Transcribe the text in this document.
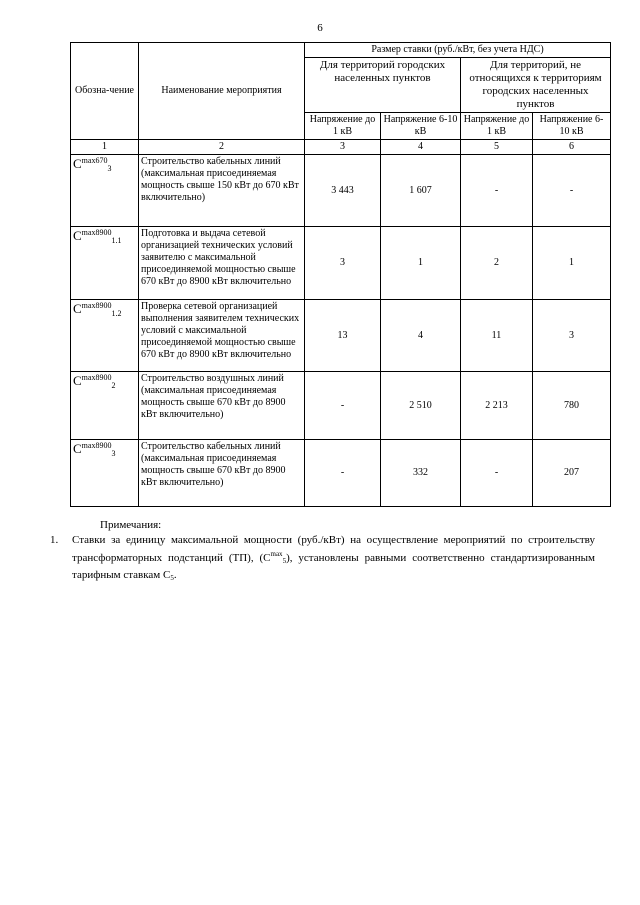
6
Обозна-чение	Наименование мероприятия	Размер ставки (руб./кВт, без учета НДС)			
		Для территорий городских населенных пунктов		Для территорий, не относящихся к территориям городских населенных пунктов	
		Напряжение до 1 кВ	Напряжение 6-10 кВ	Напряжение до 1 кВ	Напряжение 6-10 кВ
1	2	3	4	5	6
$C^{max670}_3$	Строительство кабельных линий (максимальная присоединяемая мощность свыше 150 кВт до 670 кВт включительно)	3 443	1 607	-	-
$C^{max8900}_{1.1}$	Подготовка и выдача сетевой организацией технических условий заявителю с максимальной присоединяемой мощностью свыше 670 кВт до 8900 кВт включительно	3	1	2	1
$C^{max8900}_{1.2}$	Проверка сетевой организацией выполнения заявителем технических условий с максимальной присоединяемой мощностью свыше 670 кВт до 8900 кВт включительно	13	4	11	3
$C^{max8900}_2$	Строительство воздушных линий (максимальная присоединяемая мощность свыше 670 кВт до 8900 кВт включительно)	-	2 510	2 213	780
$C^{max8900}_3$	Строительство кабельных линий (максимальная присоединяемая мощность свыше 670 кВт до 8900 кВт включительно)	-	332	-	207
Примечания:
1.	Ставки за единицу максимальной мощности (руб./кВт) на осуществление мероприятий по строительству трансформаторных подстанций (ТП), $(C^{max}_5)$, установлены равными соответственно стандартизированным тарифным ставкам $C_5$.
